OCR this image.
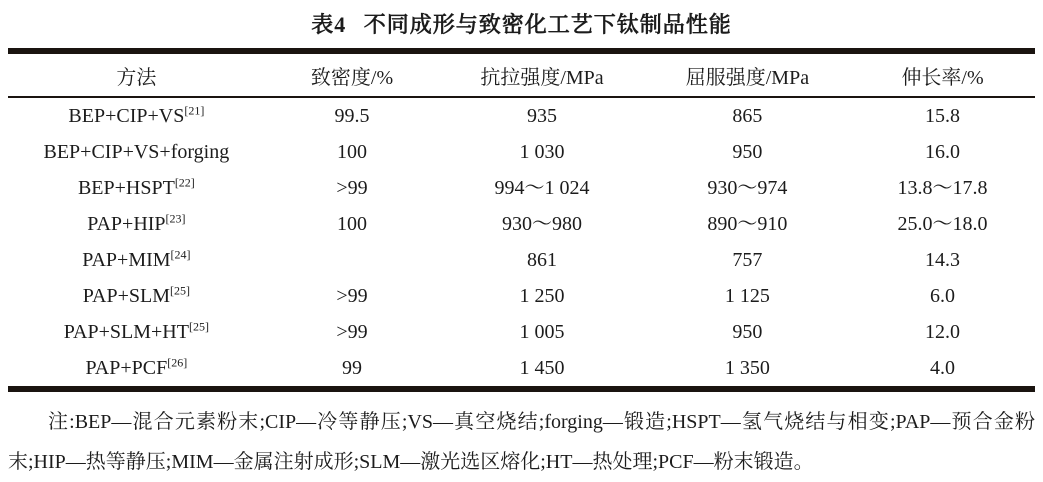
表4 不同成形与致密化工艺下钛制品性能
方法	致密度/%	抗拉强度/MPa	屈服强度/MPa	伸长率/%
BEP+CIP+VS[21]	99.5	935	865	15.8
BEP+CIP+VS+forging	100	1 030	950	16.0
BEP+HSPT[22]	>99	994～1 024	930～974	13.8～17.8
PAP+HIP[23]	100	930～980	890～910	25.0～18.0
PAP+MIM[24]		861	757	14.3
PAP+SLM[25]	>99	1 250	1 125	6.0
PAP+SLM+HT[25]	>99	1 005	950	12.0
PAP+PCF[26]	99	1 450	1 350	4.0

注:BEP—混合元素粉末;CIP—冷等静压;VS—真空烧结;forging—锻造;HSPT—氢气烧结与相变;PAP—预合金粉末;HIP—热等静压;MIM—金属注射成形;SLM—激光选区熔化;HT—热处理;PCF—粉末锻造。
